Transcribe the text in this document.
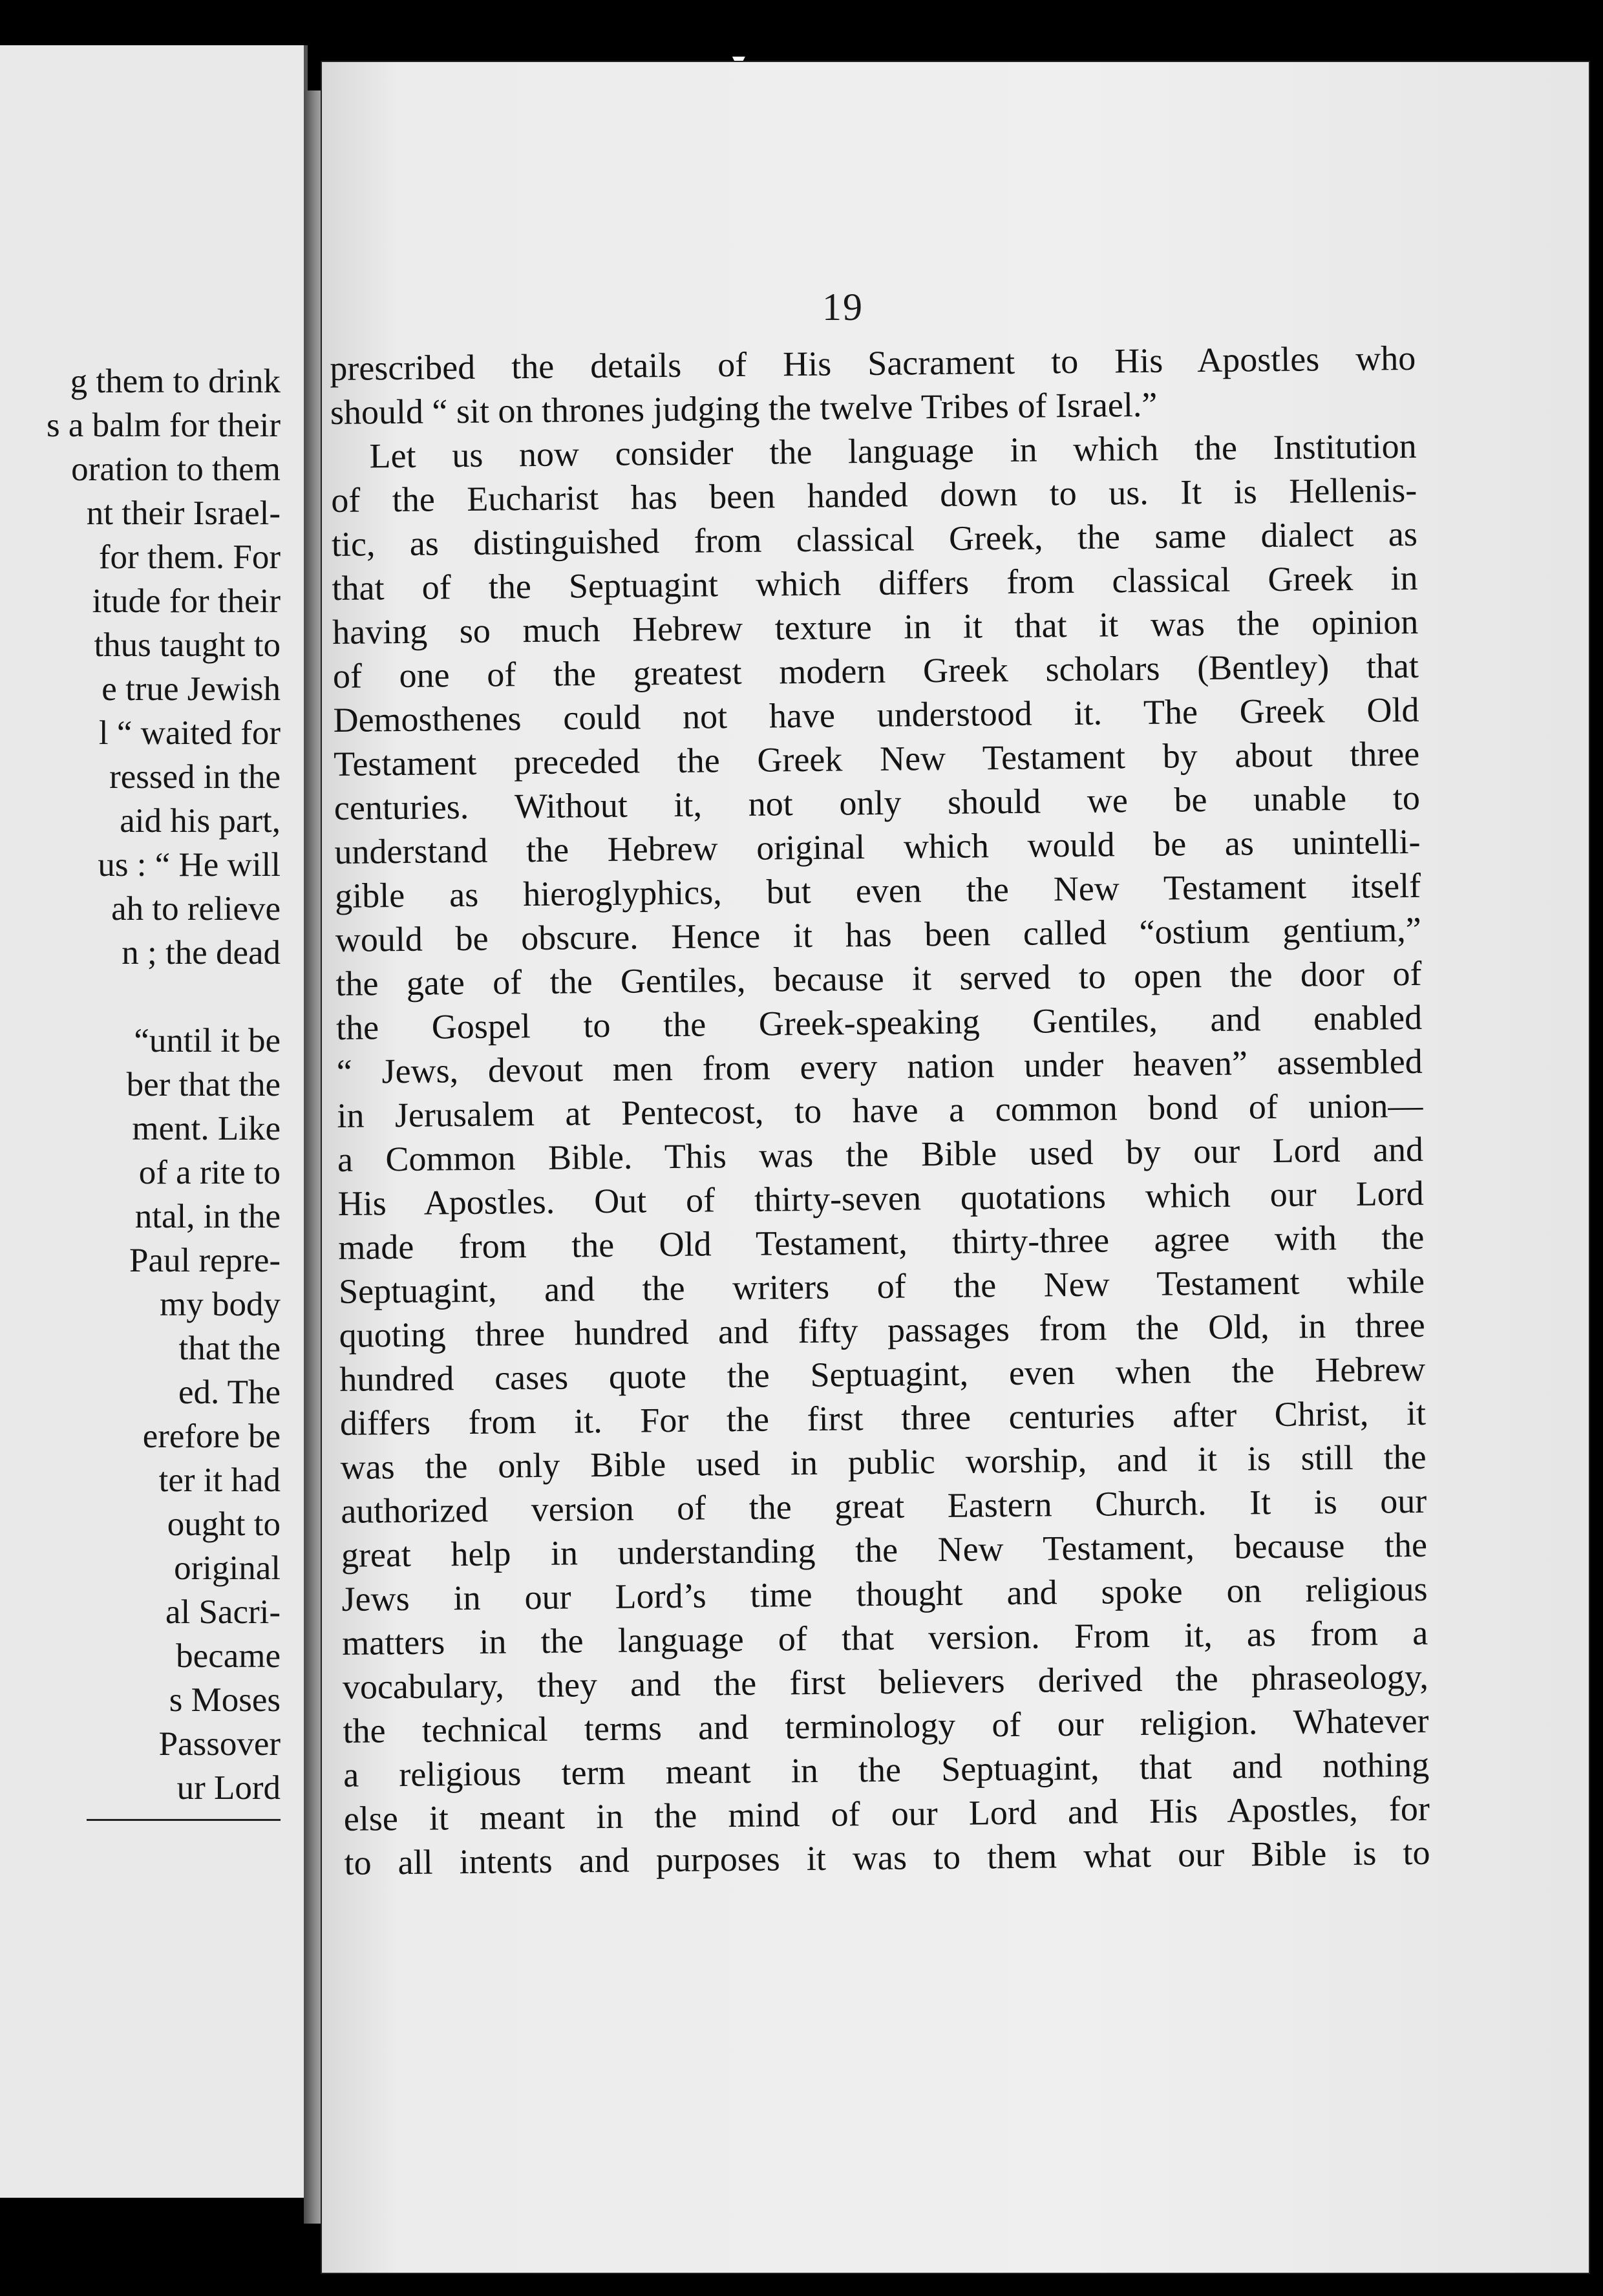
g them to drink
s a balm for their
oration to them
nt their Israel-
for them. For
itude for their
thus taught to
e true Jewish
l “ waited for
ressed in the
aid his part,
us : “ He will
ah to relieve
n ; the dead
“until it be
ber that the
ment. Like
of a rite to
ntal, in the
Paul repre-
my body
that the
ed. The
erefore be
ter it had
ought to
original
al Sacri-
became
s Moses
Passover
ur Lord
19
prescribed the details of His Sacrament to His Apostles who
should “ sit on thrones judging the twelve Tribes of Israel.”
Let us now consider the language in which the Institution
of the Eucharist has been handed down to us. It is Hellenis-
tic, as distinguished from classical Greek, the same dialect as
that of the Septuagint which differs from classical Greek in
having so much Hebrew texture in it that it was the opinion
of one of the greatest modern Greek scholars (Bentley) that
Demosthenes could not have understood it. The Greek Old
Testament preceded the Greek New Testament by about three
centuries. Without it, not only should we be unable to
understand the Hebrew original which would be as unintelli-
gible as hieroglyphics, but even the New Testament itself
would be obscure. Hence it has been called “ostium gentium,”
the gate of the Gentiles, because it served to open the door of
the Gospel to the Greek-speaking Gentiles, and enabled
“ Jews, devout men from every nation under heaven” assembled
in Jerusalem at Pentecost, to have a common bond of union—
a Common Bible. This was the Bible used by our Lord and
His Apostles. Out of thirty-seven quotations which our Lord
made from the Old Testament, thirty-three agree with the
Septuagint, and the writers of the New Testament while
quoting three hundred and fifty passages from the Old, in three
hundred cases quote the Septuagint, even when the Hebrew
differs from it. For the first three centuries after Christ, it
was the only Bible used in public worship, and it is still the
authorized version of the great Eastern Church. It is our
great help in understanding the New Testament, because the
Jews in our Lord’s time thought and spoke on religious
matters in the language of that version. From it, as from a
vocabulary, they and the first believers derived the phraseology,
the technical terms and terminology of our religion. Whatever
a religious term meant in the Septuagint, that and nothing
else it meant in the mind of our Lord and His Apostles, for
to all intents and purposes it was to them what our Bible is to
